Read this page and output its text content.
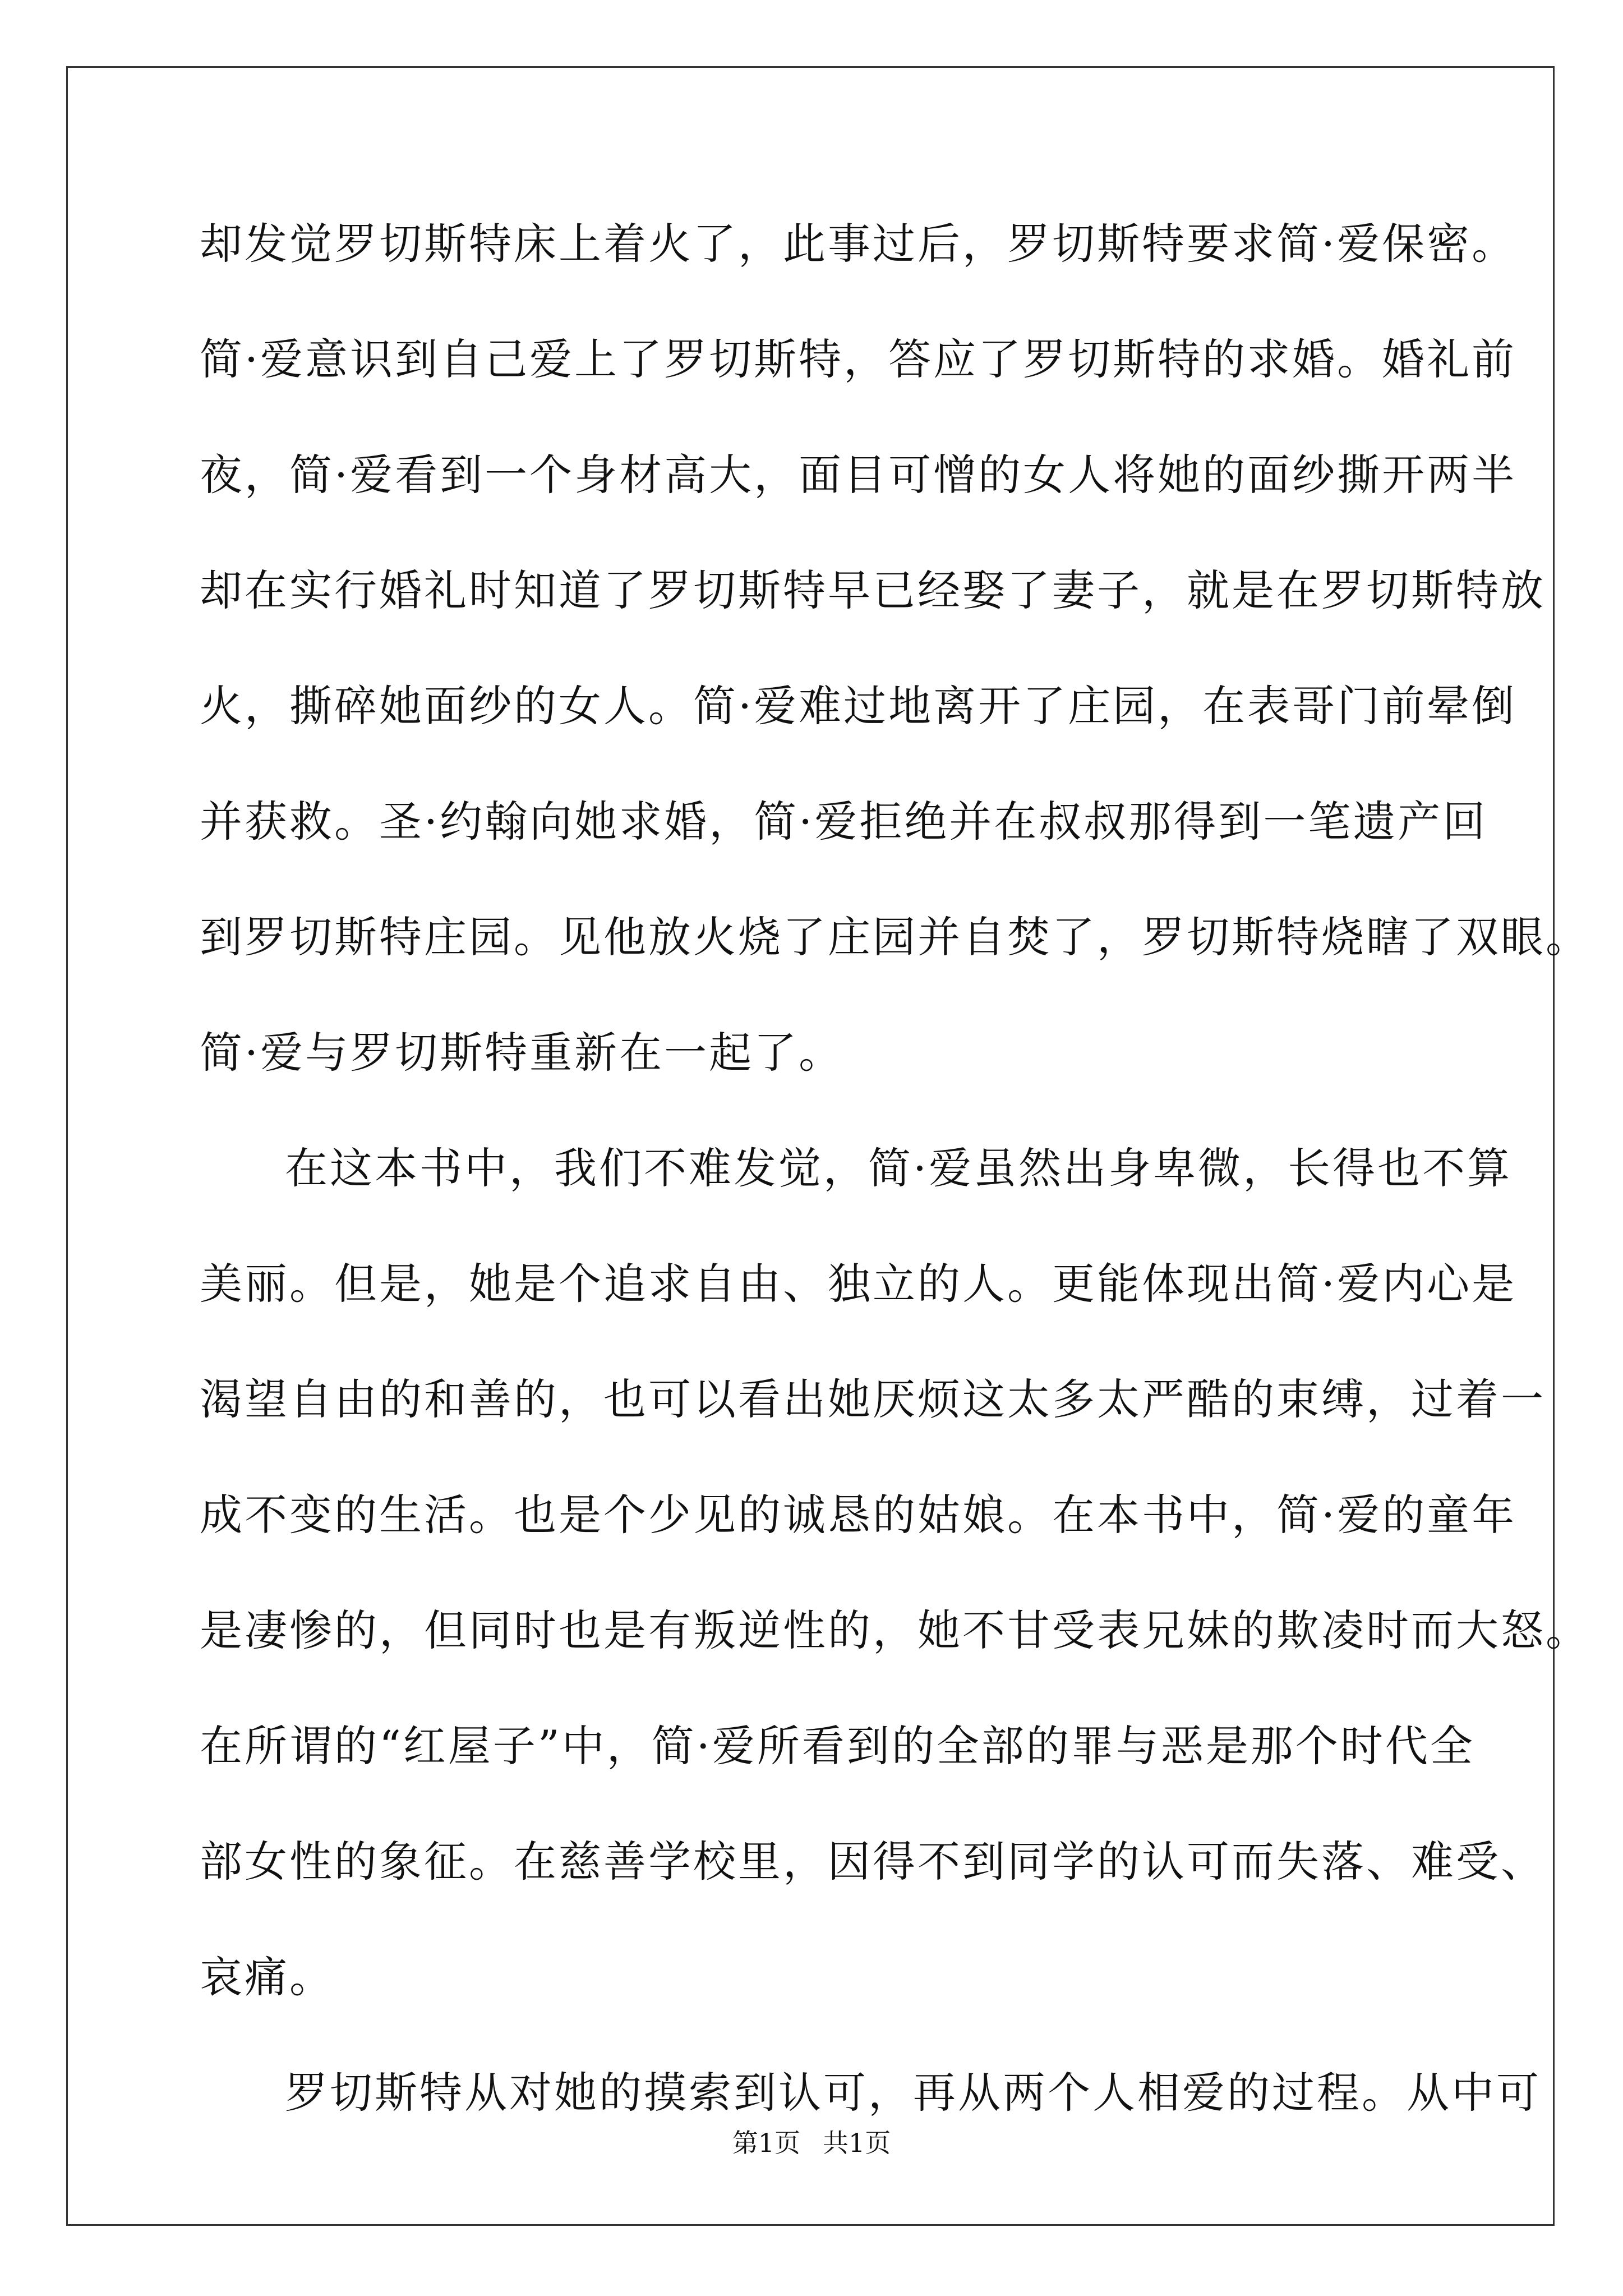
却发觉罗切斯特床上着火了，此事过后，罗切斯特要求简·爱保密。
简·爱意识到自己爱上了罗切斯特，答应了罗切斯特的求婚。婚礼前
夜，简·爱看到一个身材高大，面目可憎的女人将她的面纱撕开两半
却在实行婚礼时知道了罗切斯特早已经娶了妻子，就是在罗切斯特放
火，撕碎她面纱的女人。简·爱难过地离开了庄园，在表哥门前晕倒
并获救。圣·约翰向她求婚，简·爱拒绝并在叔叔那得到一笔遗产回
到罗切斯特庄园。见他放火烧了庄园并自焚了，罗切斯特烧瞎了双眼。
简·爱与罗切斯特重新在一起了。
在这本书中，我们不难发觉，简·爱虽然出身卑微，长得也不算
美丽。但是，她是个追求自由、独立的人。更能体现出简·爱内心是
渴望自由的和善的，也可以看出她厌烦这太多太严酷的束缚，过着一
成不变的生活。也是个少见的诚恳的姑娘。在本书中，简·爱的童年
是凄惨的，但同时也是有叛逆性的，她不甘受表兄妹的欺凌时而大怒。
在所谓的“红屋子”中，简·爱所看到的全部的罪与恶是那个时代全
部女性的象征。在慈善学校里，因得不到同学的认可而失落、难受、
哀痛。
罗切斯特从对她的摸索到认可，再从两个人相爱的过程。从中可
第1页 共1页
